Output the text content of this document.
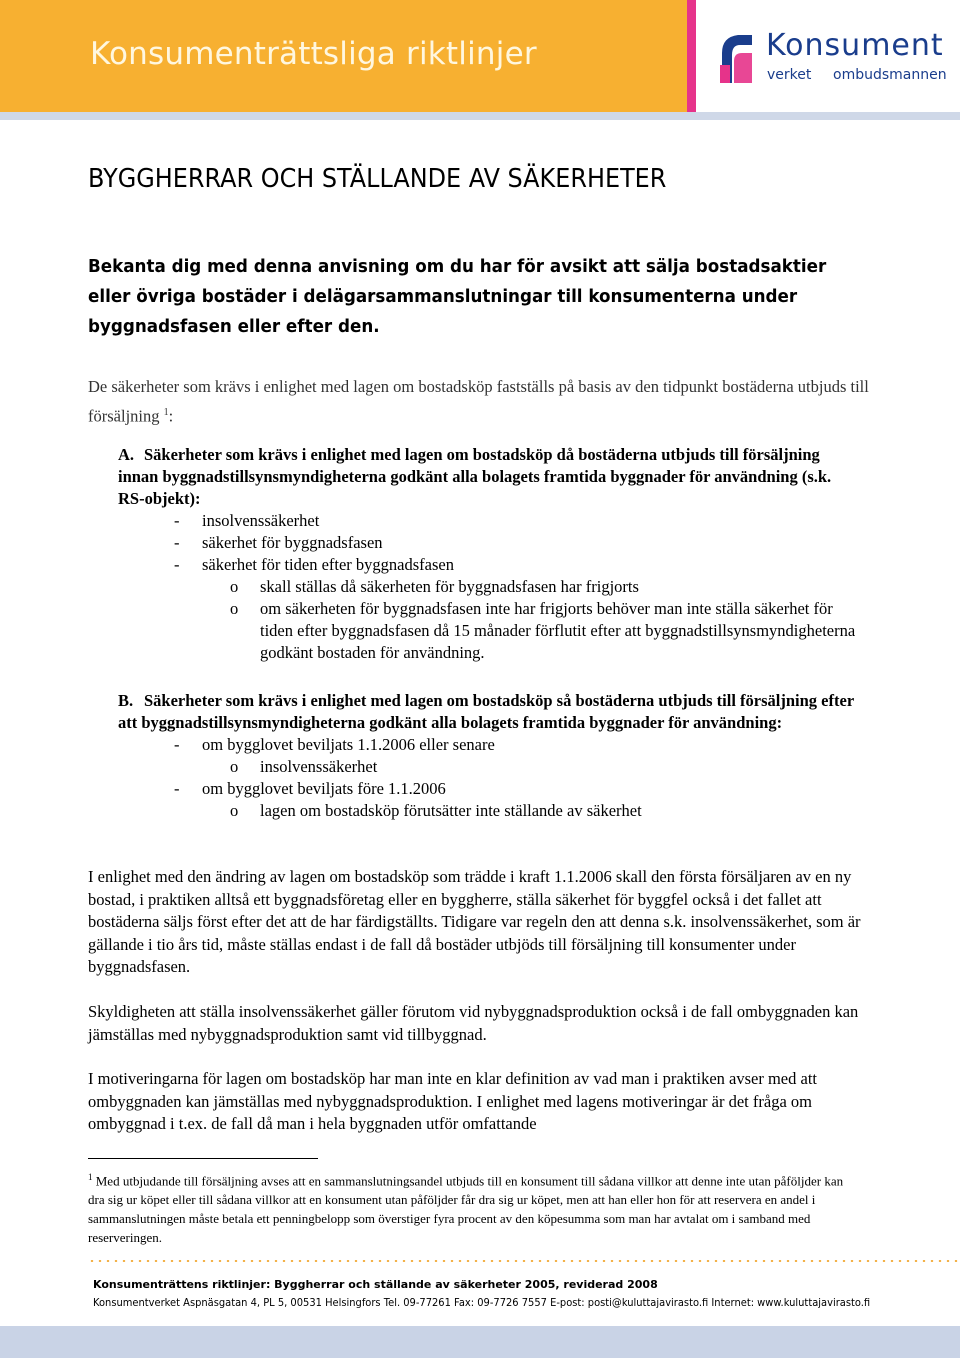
Konsumenträttsliga riktlinjer	Konsument
verket ombudsmannen
BYGGHERRAR OCH STÄLLANDE AV SÄKERHETER
Bekanta dig med denna anvisning om du har för avsikt att sälja bostadsaktier
eller övriga bostäder i delägarsammanslutningar till konsumenterna under
byggnadsfasen eller efter den.
De säkerheter som krävs i enlighet med lagen om bostadsköp fastställs på basis av den tidpunkt bostäderna utbjuds till försäljning $^1$:
A. Säkerheter som krävs i enlighet med lagen om bostadsköp då bostäderna utbjuds till försäljning innan byggnadstillsynsmyndigheterna godkänt alla bolagets framtida byggnader för användning (s.k. RS-objekt):
- insolvenssäkerhet
- säkerhet för byggnadsfasen
- säkerhet för tiden efter byggnadsfasen
o skall ställas då säkerheten för byggnadsfasen har frigjorts
o om säkerheten för byggnadsfasen inte har frigjorts behöver man inte ställa säkerhet för tiden efter byggnadsfasen då 15 månader förflutit efter att byggnadstillsynsmyndigheterna godkänt bostaden för användning.
B. Säkerheter som krävs i enlighet med lagen om bostadsköp så bostäderna utbjuds till försäljning efter att byggnadstillsynsmyndigheterna godkänt alla bolagets framtida byggnader för användning:
- om bygglovet beviljats 1.1.2006 eller senare
o insolvenssäkerhet
- om bygglovet beviljats före 1.1.2006
o lagen om bostadsköp förutsätter inte ställande av säkerhet
I enlighet med den ändring av lagen om bostadsköp som trädde i kraft 1.1.2006 skall den första försäljaren av en ny bostad, i praktiken alltså ett byggnadsföretag eller en byggherre, ställa säkerhet för byggfel också i det fallet att bostäderna säljs först efter det att de har färdigställts. Tidigare var regeln den att denna s.k. insolvenssäkerhet, som är gällande i tio års tid, måste ställas endast i de fall då bostäder utbjöds till försäljning till konsumenter under byggnadsfasen.
Skyldigheten att ställa insolvenssäkerhet gäller förutom vid nybyggnadsproduktion också i de fall ombyggnaden kan jämställas med nybyggnadsproduktion samt vid tillbyggnad.
I motiveringarna för lagen om bostadsköp har man inte en klar definition av vad man i praktiken avser med att ombyggnaden kan jämställas med nybyggnadsproduktion. I enlighet med lagens motiveringar är det fråga om ombyggnad i t.ex. de fall då man i hela byggnaden utför omfattande
$^1$ Med utbjudande till försäljning avses att en sammanslutningsandel utbjuds till en konsument till sådana villkor att denne inte utan påföljder kan dra sig ur köpet eller till sådana villkor att en konsument utan påföljder får dra sig ur köpet, men att han eller hon för att reservera en andel i sammanslutningen måste betala ett penningbelopp som överstiger fyra procent av den köpesumma som man har avtalat om i samband med reserveringen.
Konsumenträttens riktlinjer: Byggherrar och ställande av säkerheter 2005, reviderad 2008
Konsumentverket Aspnäsgatan 4, PL 5, 00531 Helsingfors Tel. 09-77261 Fax: 09-7726 7557 E-post: posti@kuluttajavirasto.fi Internet: www.kuluttajavirasto.fi
